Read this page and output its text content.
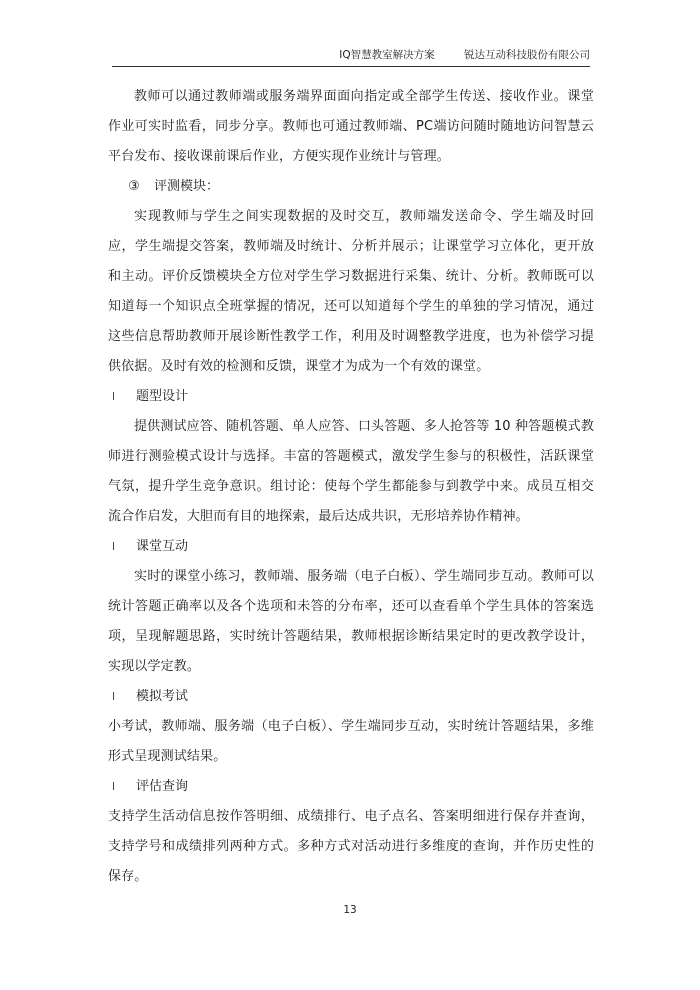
IQ智慧教室解决方案	锐达互动科技股份有限公司

教师可以通过教师端或服务端界面面向指定或全部学生传送、接收作业。课堂作业可实时监看，同步分享。教师也可通过教师端、PC端访问随时随地访问智慧云平台发布、接收课前课后作业，方便实现作业统计与管理。

③ 评测模块：

实现教师与学生之间实现数据的及时交互，教师端发送命令、学生端及时回应，学生端提交答案，教师端及时统计、分析并展示；让课堂学习立体化，更开放和主动。评价反馈模块全方位对学生学习数据进行采集、统计、分析。教师既可以知道每一个知识点全班掌握的情况，还可以知道每个学生的单独的学习情况，通过这些信息帮助教师开展诊断性教学工作，利用及时调整教学进度，也为补偿学习提供依据。及时有效的检测和反馈，课堂才为成为一个有效的课堂。

l 题型设计

提供测试应答、随机答题、单人应答、口头答题、多人抢答等 10 种答题模式教师进行测验模式设计与选择。丰富的答题模式，激发学生参与的积极性，活跃课堂气氛，提升学生竞争意识。组讨论：使每个学生都能参与到教学中来。成员互相交流合作启发，大胆而有目的地探索，最后达成共识，无形培养协作精神。

l 课堂互动

实时的课堂小练习，教师端、服务端（电子白板）、学生端同步互动。教师可以统计答题正确率以及各个选项和未答的分布率，还可以查看单个学生具体的答案选项，呈现解题思路，实时统计答题结果，教师根据诊断结果定时的更改教学设计，实现以学定教。

l 模拟考试

小考试，教师端、服务端（电子白板）、学生端同步互动，实时统计答题结果，多维形式呈现测试结果。

l 评估查询

支持学生活动信息按作答明细、成绩排行、电子点名、答案明细进行保存并查询，支持学号和成绩排列两种方式。多种方式对活动进行多维度的查询，并作历史性的保存。

13
